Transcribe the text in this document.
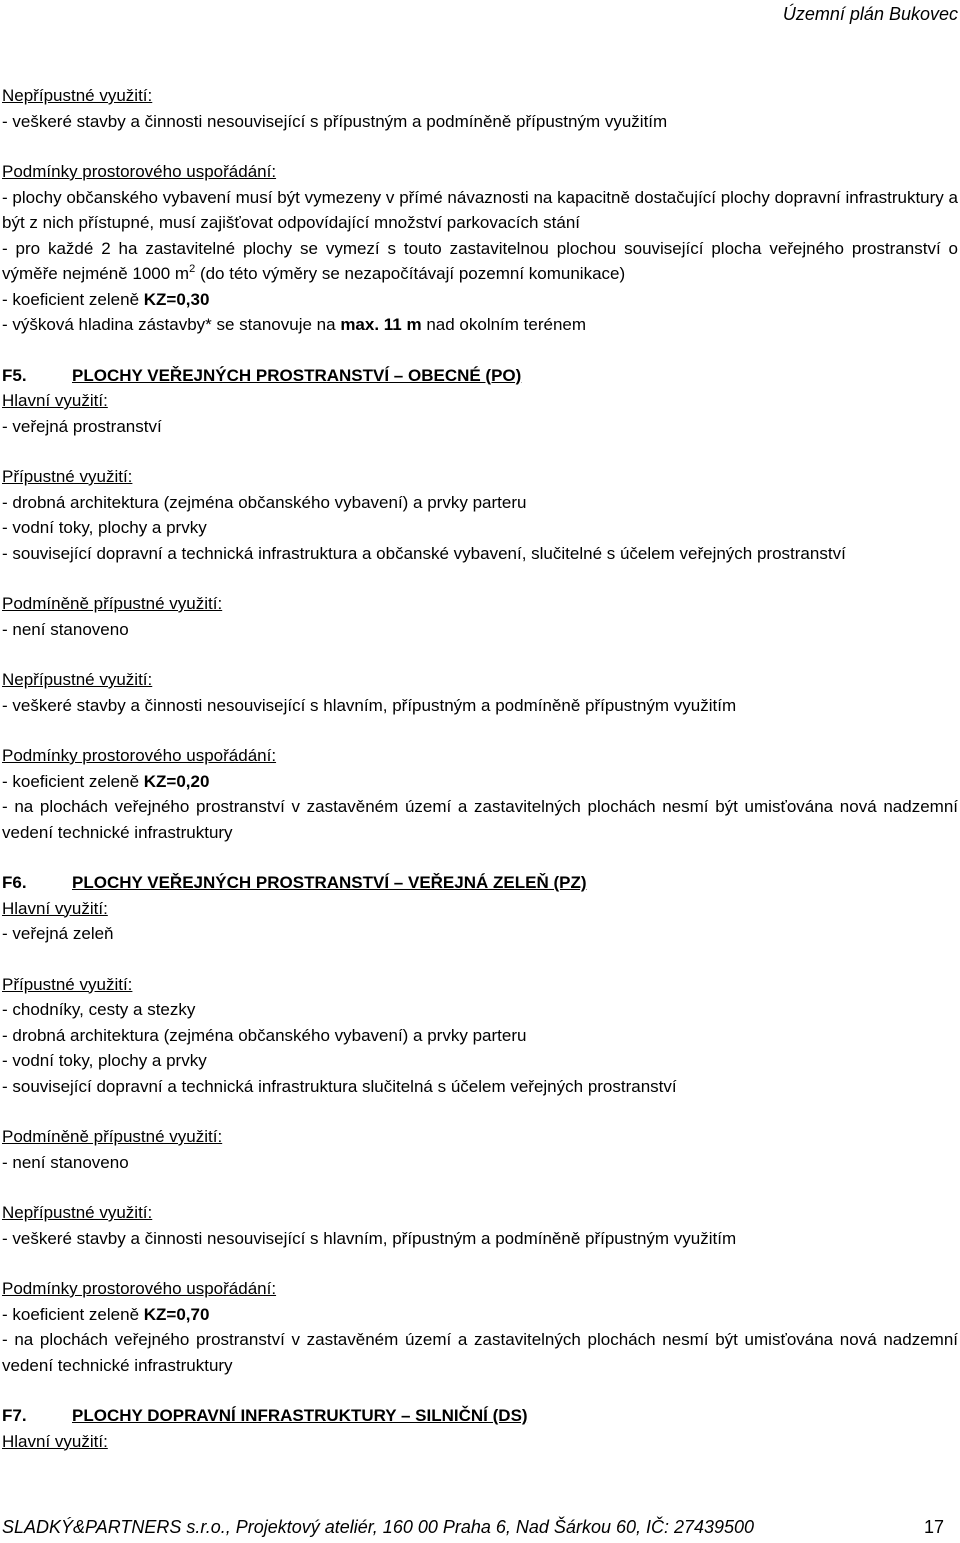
Územní plán Bukovec
Nepřípustné využití:
- veškeré stavby a činnosti nesouvisející s přípustným a podmíněně přípustným využitím
Podmínky prostorového uspořádání:
- plochy občanského vybavení musí být vymezeny v přímé návaznosti na kapacitně dostačující plochy dopravní infrastruktury a být z nich přístupné, musí zajišťovat odpovídající množství parkovacích stání
- pro každé 2 ha zastavitelné plochy se vymezí s touto zastavitelnou plochou související plocha veřejného prostranství o výměře nejméně 1000 $m^2$ (do této výměry se nezapočítávají pozemní komunikace)
- koeficient zeleně KZ=0,30
- výšková hladina zástavby* se stanovuje na max. 11 m nad okolním terénem
F5.	PLOCHY VEŘEJNÝCH PROSTRANSTVÍ – OBECNÉ (PO)
Hlavní využití:
- veřejná prostranství
Přípustné využití:
- drobná architektura (zejména občanského vybavení) a prvky parteru
- vodní toky, plochy a prvky
- související dopravní a technická infrastruktura a občanské vybavení, slučitelné s účelem veřejných prostranství
Podmíněně přípustné využití:
- není stanoveno
Nepřípustné využití:
- veškeré stavby a činnosti nesouvisející s hlavním, přípustným a podmíněně přípustným využitím
Podmínky prostorového uspořádání:
- koeficient zeleně KZ=0,20
- na plochách veřejného prostranství v zastavěném území a zastavitelných plochách nesmí být umisťována nová nadzemní vedení technické infrastruktury
F6.	PLOCHY VEŘEJNÝCH PROSTRANSTVÍ – VEŘEJNÁ ZELEŇ (PZ)
Hlavní využití:
- veřejná zeleň
Přípustné využití:
- chodníky, cesty a stezky
- drobná architektura (zejména občanského vybavení) a prvky parteru
- vodní toky, plochy a prvky
- související dopravní a technická infrastruktura slučitelná s účelem veřejných prostranství
Podmíněně přípustné využití:
- není stanoveno
Nepřípustné využití:
- veškeré stavby a činnosti nesouvisející s hlavním, přípustným a podmíněně přípustným využitím
Podmínky prostorového uspořádání:
- koeficient zeleně KZ=0,70
- na plochách veřejného prostranství v zastavěném území a zastavitelných plochách nesmí být umisťována nová nadzemní vedení technické infrastruktury
F7.	PLOCHY DOPRAVNÍ INFRASTRUKTURY – SILNIČNÍ (DS)
Hlavní využití:
SLADKÝ&PARTNERS s.r.o., Projektový ateliér, 160 00 Praha 6, Nad Šárkou 60, IČ: 27439500	17
